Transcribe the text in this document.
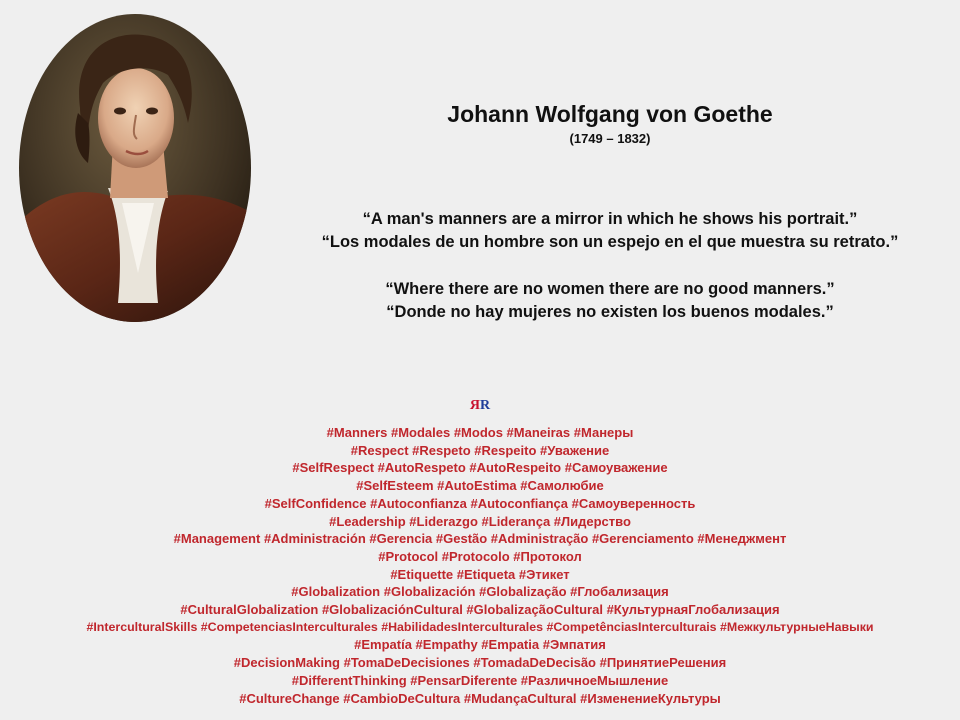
Johann Wolfgang von Goethe
(1749 – 1832)
“A man's manners are a mirror in which he shows his portrait.”
“Los modales de un hombre son un espejo en el que muestra su retrato.”
“Where there are no women there are no good manners.”
“Donde no hay mujeres no existen los buenos modales.”
ЯR
#Manners #Modales #Modos #Maneiras #Манеры
#Respect #Respeto #Respeito #Уважение
#SelfRespect #AutoRespeto #AutoRespeito #Самоуважение
#SelfEsteem #AutoEstima #Самолюбие
#SelfConfidence #Autoconfianza #Autoconfiança #Самоуверенность
#Leadership #Liderazgo #Liderança #Лидерство
#Management #Administración #Gerencia #Gestão #Administração #Gerenciamento #Менеджмент
#Protocol #Protocolo #Протокол
#Etiquette #Etiqueta #Этикет
#Globalization #Globalización #Globalização #Глобализация
#CulturalGlobalization #GlobalizaciónCultural #GlobalizaçãoCultural #КультурнаяГлобализация
#InterculturalSkills #CompetenciasInterculturales #HabilidadesInterculturales #CompetênciasInterculturais #МежкультурныеНавыки
#Empatía #Empathy #Empatia #Эмпатия
#DecisionMaking #TomaDeDecisiones #TomadaDeDecisão #ПринятиеРешения
#DifferentThinking #PensarDiferente #РазличноеМышление
#CultureChange #CambioDeCultura #MudançaCultural #ИзменениеКультуры
